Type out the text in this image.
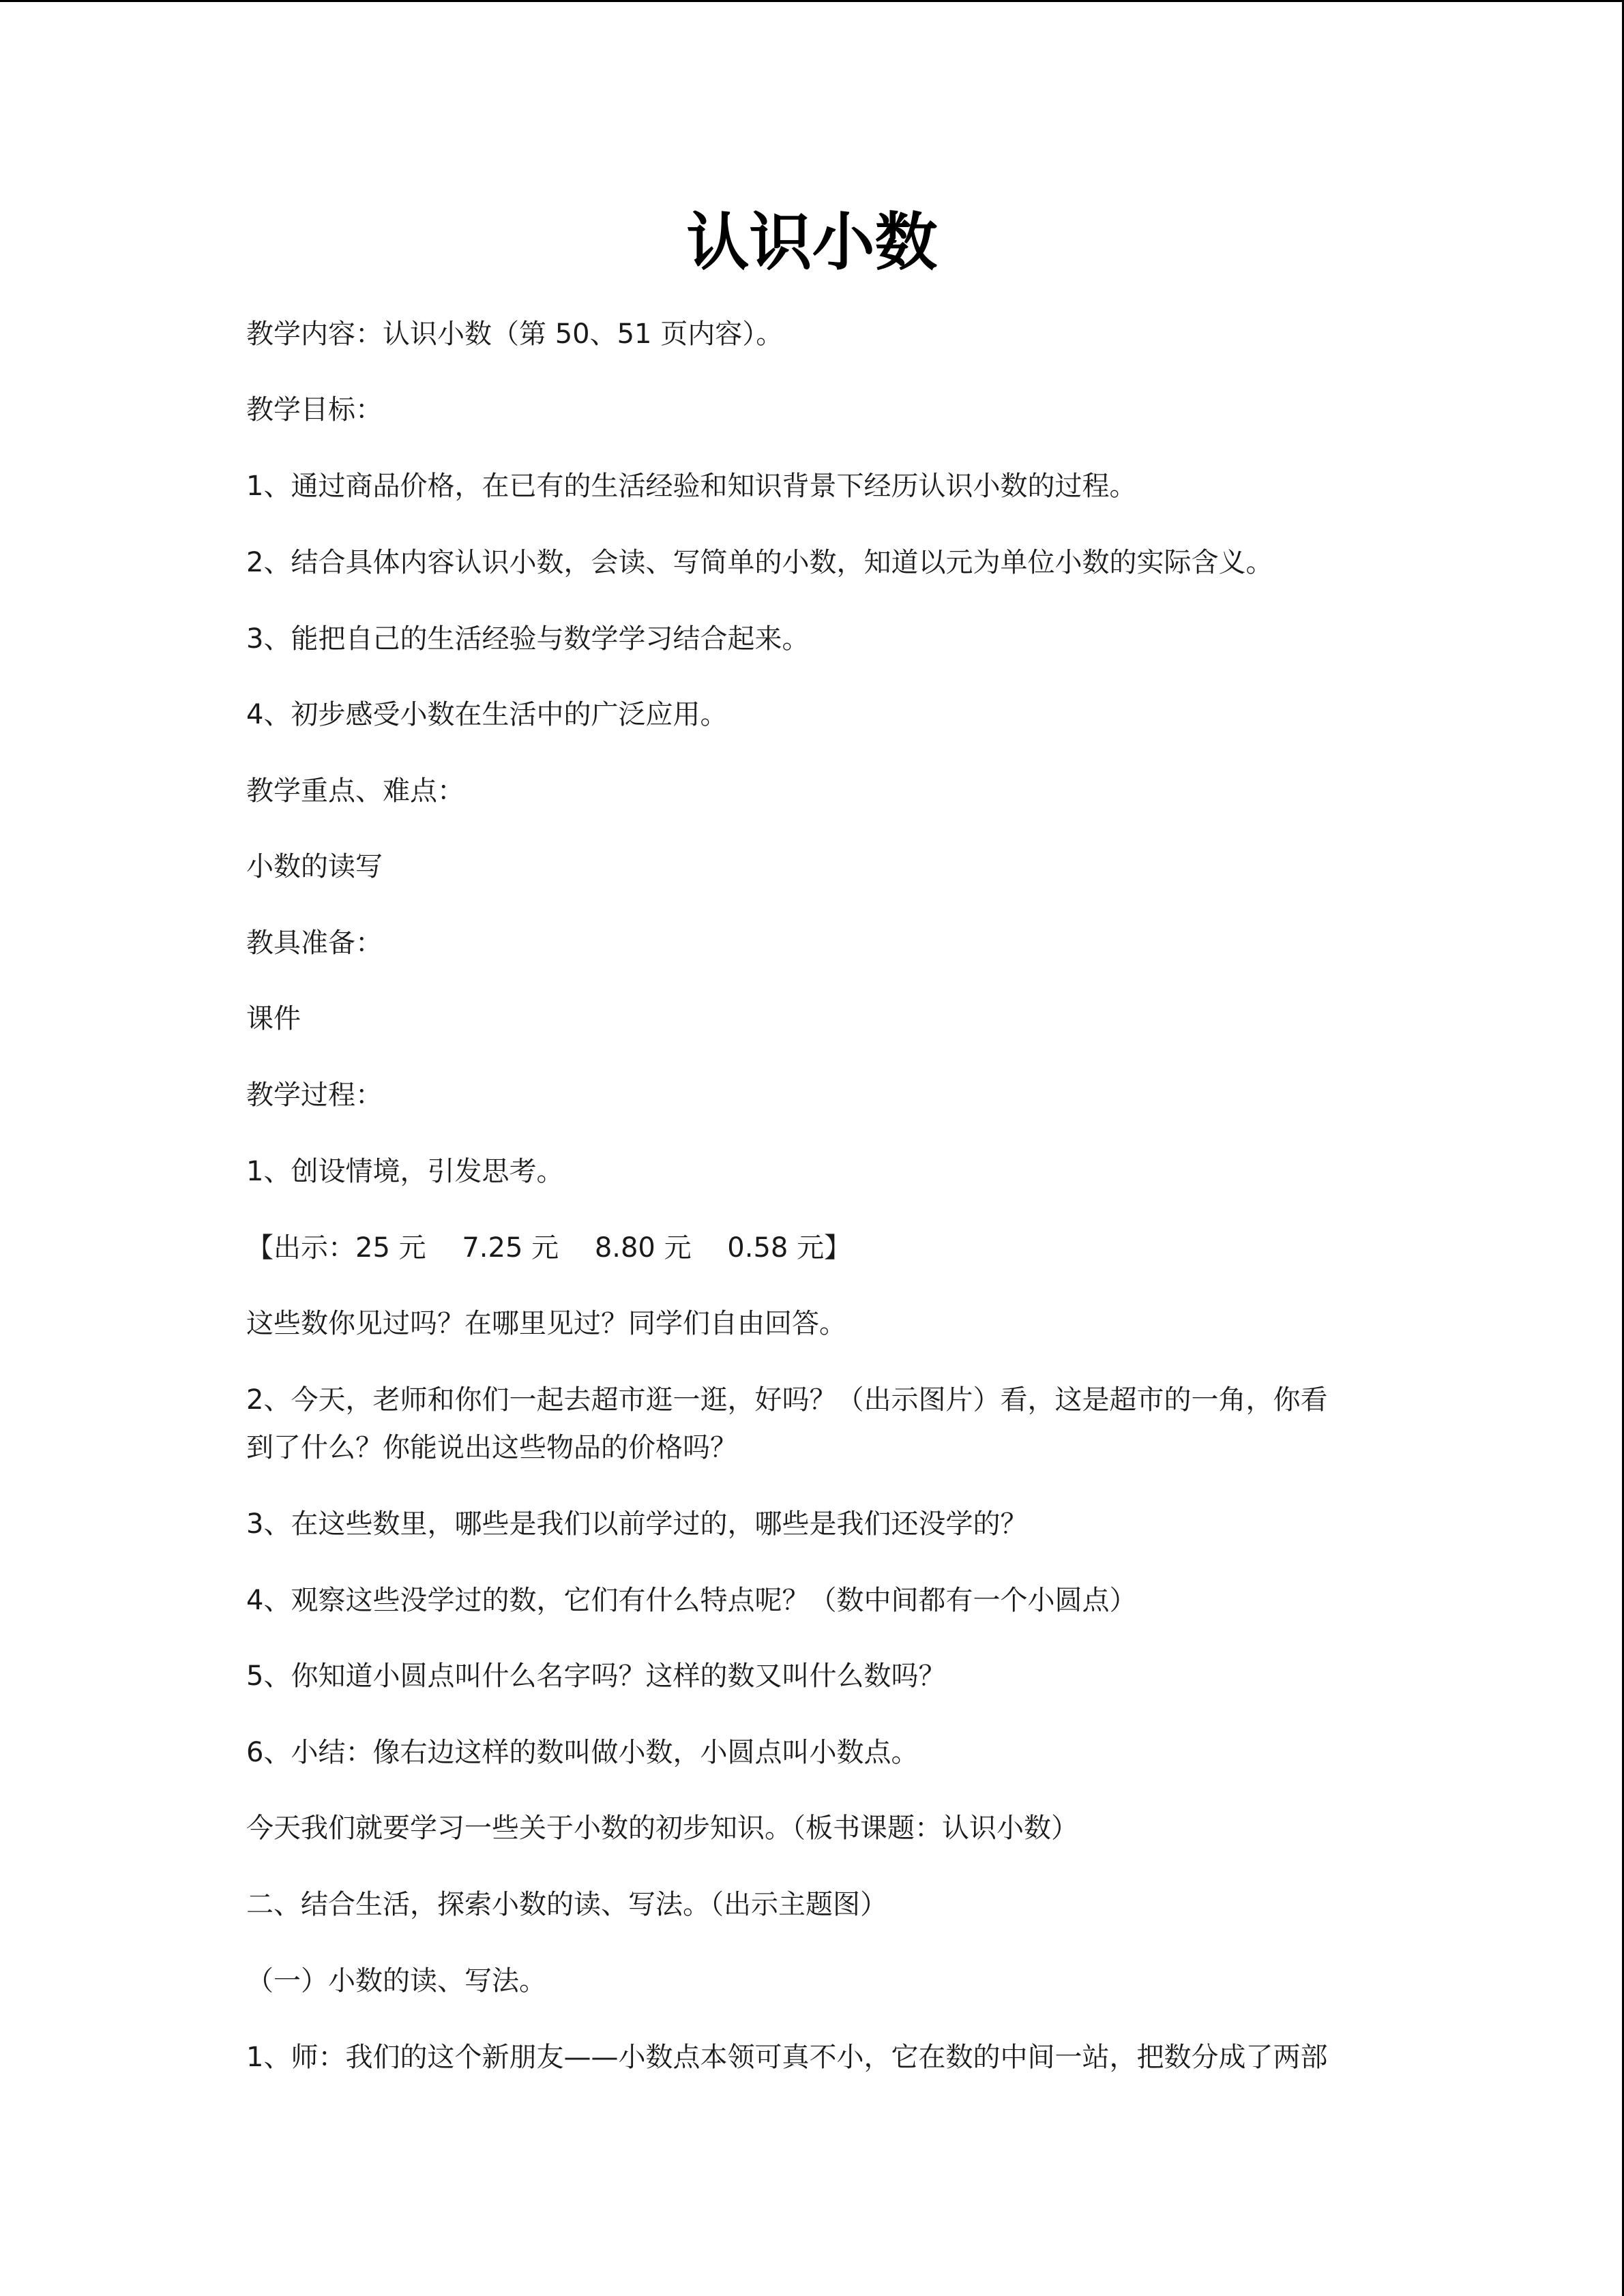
认识小数

教学内容：认识小数（第 50、51 页内容）。

教学目标：

1、通过商品价格，在已有的生活经验和知识背景下经历认识小数的过程。

2、结合具体内容认识小数，会读、写简单的小数，知道以元为单位小数的实际含义。

3、能把自己的生活经验与数学学习结合起来。

4、初步感受小数在生活中的广泛应用。

教学重点、难点：

小数的读写

教具准备：

课件

教学过程：

1、创设情境，引发思考。

【出示：25 元　 7.25 元　 8.80 元　 0.58 元】

这些数你见过吗？在哪里见过？同学们自由回答。

2、今天，老师和你们一起去超市逛一逛，好吗？（出示图片）看，这是超市的一角，你看

到了什么？你能说出这些物品的价格吗？

3、在这些数里，哪些是我们以前学过的，哪些是我们还没学的？

4、观察这些没学过的数，它们有什么特点呢？（数中间都有一个小圆点）

5、你知道小圆点叫什么名字吗？这样的数又叫什么数吗？

6、小结：像右边这样的数叫做小数，小圆点叫小数点。

今天我们就要学习一些关于小数的初步知识。（板书课题：认识小数）

二、结合生活，探索小数的读、写法。（出示主题图）

（一）小数的读、写法。

1、师：我们的这个新朋友——小数点本领可真不小，它在数的中间一站，把数分成了两部
